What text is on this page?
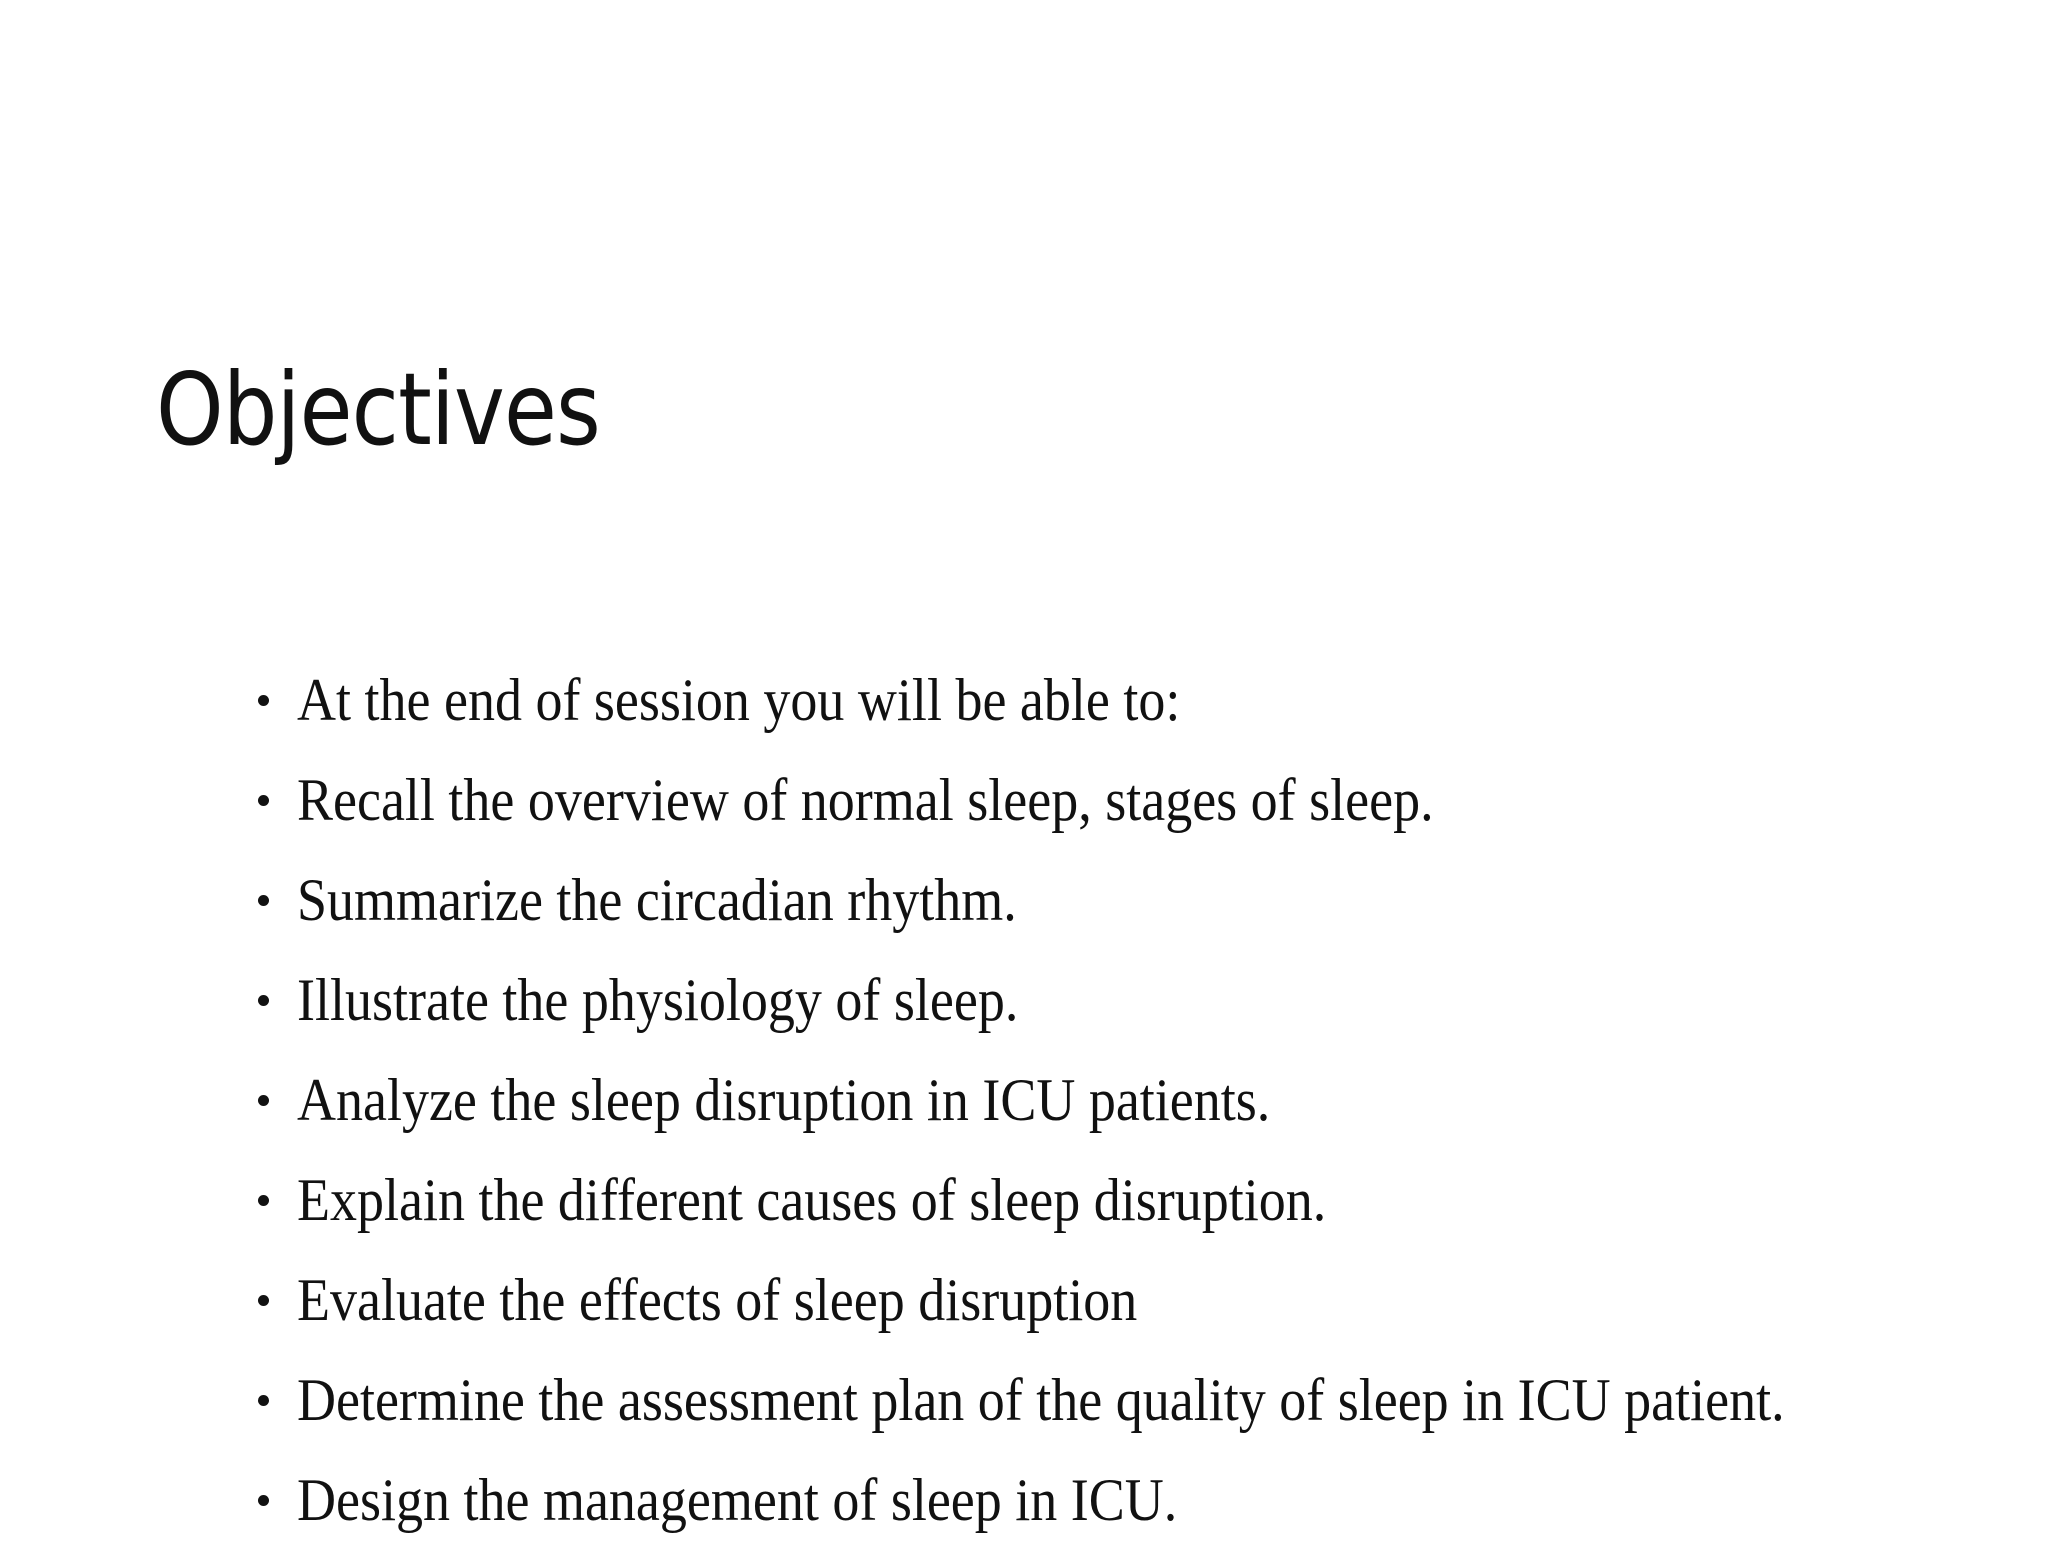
Objectives
At the end of session you will be able to:
Recall the overview of normal sleep, stages of sleep.
Summarize the circadian rhythm.
Illustrate the physiology of sleep.
Analyze the sleep disruption in ICU patients.
Explain the different causes of sleep disruption.
Evaluate the effects of sleep disruption
Determine the assessment plan of the quality of sleep in ICU patient.
Design the management of sleep in ICU.
